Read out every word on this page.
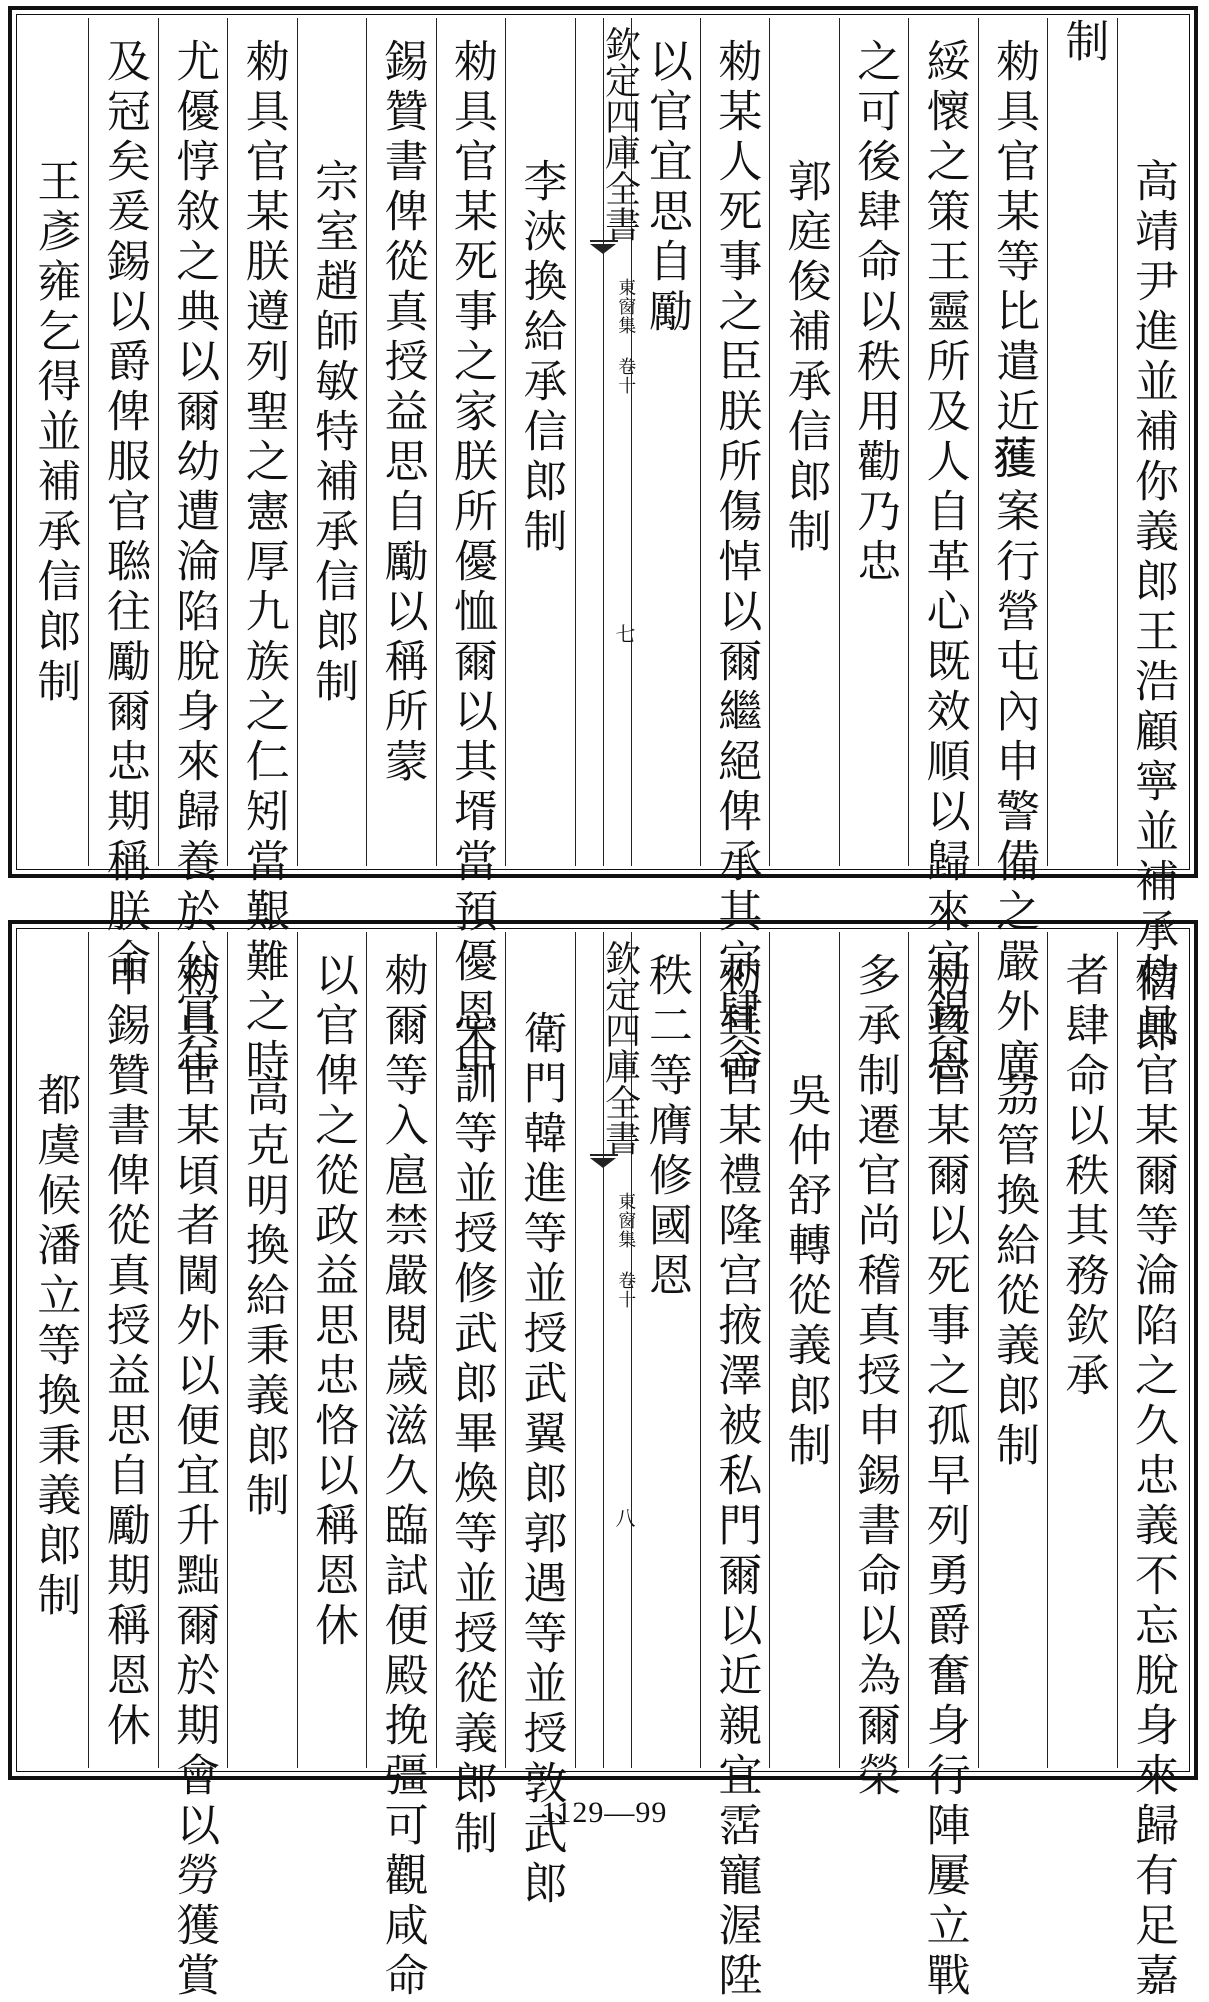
高靖尹進並補你義郎王浩顧寧並補承信郎
制
勑具官某等比遣近𫉬案行營屯內申警備之嚴外廣
綏懷之策王靈所及人自革心既效順以歸來宜錫恩
之可後肆命以秩用勸乃忠
郭庭俊補承信郎制
勑某人死事之臣朕所傷悼以爾繼絕俾承其宗肆命
以官宜思自勵
欽定四庫全書
東窗集 卷十
七
李浹換給承信郎制
勑具官某死事之家朕所優恤爾以其壻當預優恩申
錫贊書俾從真授益思自勵以稱所蒙
宗室趙師敏特補承信郎制
勑具官某朕遵列聖之憲厚九族之仁矧當艱難之時
尤優惇敘之典以爾幼遭淪陷脫身來歸養於公宫年
及冠矣爰錫以爵俾服官聮往勵爾忠期稱朕命
王彥雍乞得並補承信郎制
勑具官某爾等淪陷之久忠義不忘脫身來歸有足嘉
者肆命以秩其務欽承
茘管換給從義郎制
勑具官某爾以死事之孤早列勇爵奮身行陣屢立戰
多承制遷官尚稽真授申錫書命以為爾榮
吳仲舒轉從義郎制
勑具官某禮隆宫掖澤被私門爾以近親宜霑寵渥陞
秩二等膺修國恩
欽定四庫全書
東窗集 卷十
八
衛門韓進等並授武翼郎郭遇等並授敦武郎
宋訓等並授修武郎畢煥等並授從義郎制
勑爾等入扈禁嚴閱歲滋久臨試便殿挽彊可觀咸命
以官俾之從政益思忠恪以稱恩休
高克明換給秉義郎制
勑具官某頃者閫外以便宜升黜爾於期會以勞獲賞
申錫贊書俾從真授益思自勵期稱恩休
都虞候潘立等換秉義郎制
1129—99
